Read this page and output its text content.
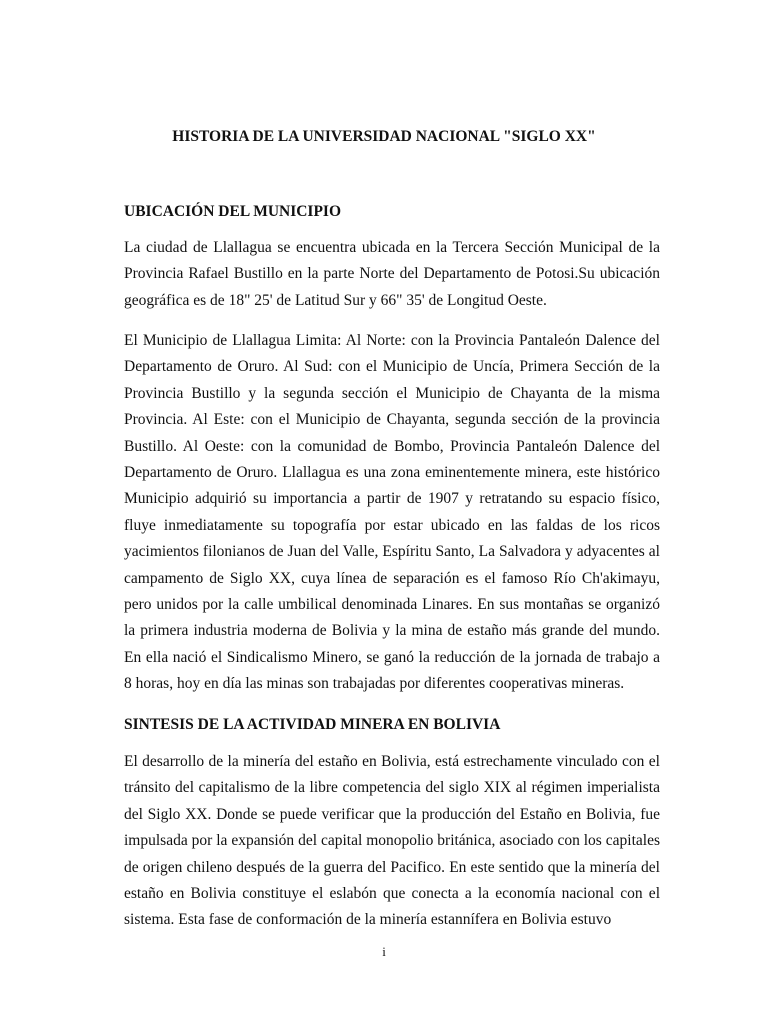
HISTORIA DE LA UNIVERSIDAD NACIONAL "SIGLO XX"
UBICACIÓN DEL MUNICIPIO

La ciudad de Llallagua se encuentra ubicada en la Tercera Sección Municipal de la Provincia Rafael Bustillo en la parte Norte del Departamento de Potosi.Su ubicación geográfica es de 18" 25' de Latitud Sur y 66" 35' de Longitud Oeste.

El Municipio de Llallagua Limita: Al Norte: con la Provincia Pantaleón Dalence del Departamento de Oruro. Al Sud: con el Municipio de Uncía, Primera Sección de la Provincia Bustillo y la segunda sección el Municipio de Chayanta de la misma Provincia. Al Este: con el Municipio de Chayanta, segunda sección de la provincia Bustillo. Al Oeste: con la comunidad de Bombo, Provincia Pantaleón Dalence del Departamento de Oruro. Llallagua es una zona eminentemente minera, este histórico Municipio adquirió su importancia a partir de 1907 y retratando su espacio físico, fluye inmediatamente su topografía por estar ubicado en las faldas de los ricos yacimientos filonianos de Juan del Valle, Espíritu Santo, La Salvadora y adyacentes al campamento de Siglo XX, cuya línea de separación es el famoso Río Ch'akimayu, pero unidos por la calle umbilical denominada Linares. En sus montañas se organizó la primera industria moderna de Bolivia y la mina de estaño más grande del mundo. En ella nació el Sindicalismo Minero, se ganó la reducción de la jornada de trabajo a 8 horas, hoy en día las minas son trabajadas por diferentes cooperativas mineras.

SINTESIS DE LA ACTIVIDAD MINERA EN BOLIVIA

El desarrollo de la minería del estaño en Bolivia, está estrechamente vinculado con el tránsito del capitalismo de la libre competencia del siglo XIX al régimen imperialista del Siglo XX. Donde se puede verificar que la producción del Estaño en Bolivia, fue impulsada por la expansión del capital monopolio británica, asociado con los capitales de origen chileno después de la guerra del Pacifico. En este sentido que la minería del estaño en Bolivia constituye el eslabón que conecta a la economía nacional con el sistema. Esta fase de conformación de la minería estannífera en Bolivia estuvo

i
